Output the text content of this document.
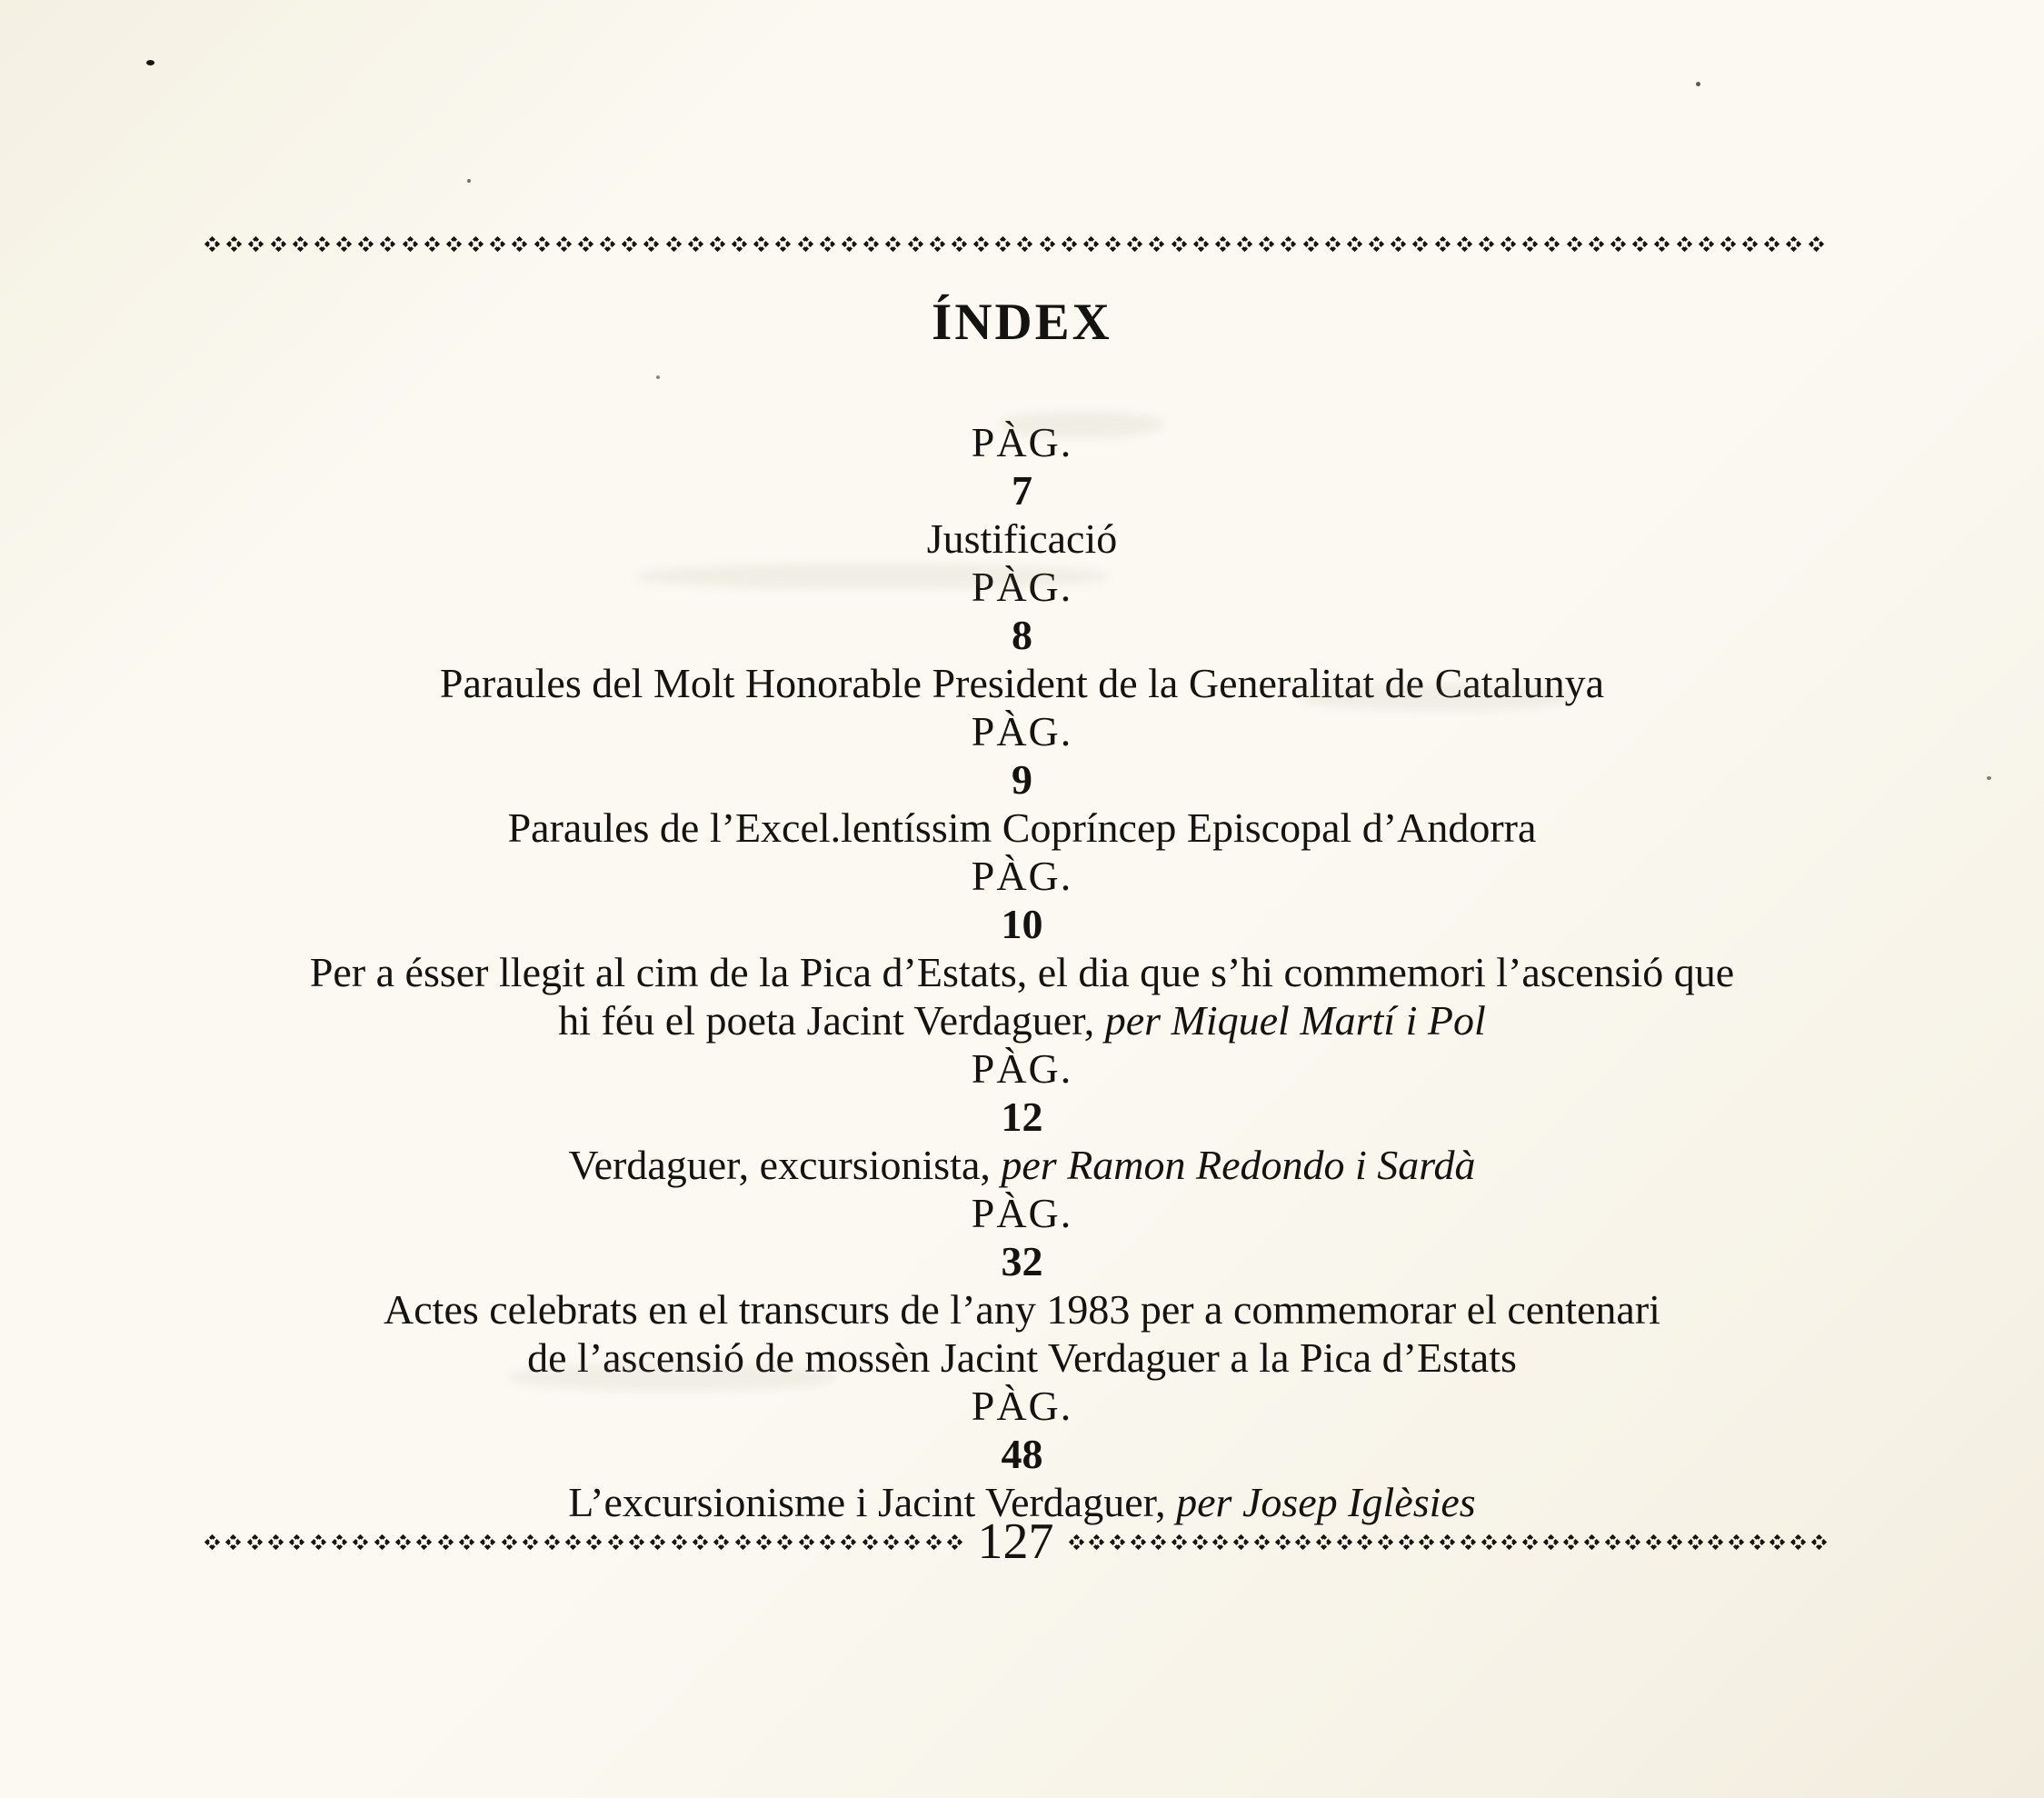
ÍNDEX
PÀG.
7
Justificació
PÀG.
8
Paraules del Molt Honorable President de la Generalitat de Catalunya
PÀG.
9
Paraules de l’Excel.lentíssim Copríncep Episcopal d’Andorra
PÀG.
10
Per a ésser llegit al cim de la Pica d’Estats, el dia que s’hi commemori l’ascensió que
hi féu el poeta Jacint Verdaguer, per Miquel Martí i Pol
PÀG.
12
Verdaguer, excursionista, per Ramon Redondo i Sardà
PÀG.
32
Actes celebrats en el transcurs de l’any 1983 per a commemorar el centenari
de l’ascensió de mossèn Jacint Verdaguer a la Pica d’Estats
PÀG.
48
L’excursionisme i Jacint Verdaguer, per Josep Iglèsies
127
